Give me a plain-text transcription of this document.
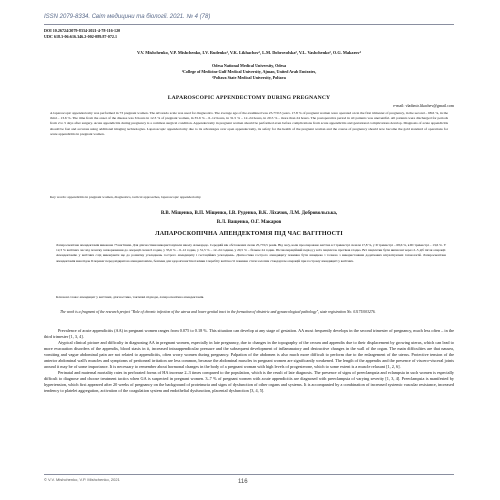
ISSN 2079-8334. Світ медицини та біології. 2021. № 4 (78)
DOI 10.26724/2079-8334-2021-4-78-116-120
UDC 618.3-06:616.346.2-002-089.87-072.1
V.V. Mishchenko, V.P. Mishchenko, I.V. Rudenko¹, V.K. Likhachov², L.M. Dobrovolska², V.L. Vashchenko², O.G. Makarov²
Odesa National Medical University, Odesa
¹College of Medicine Gulf Medical University, Ajman, United Arab Emirates,
²Poltava State Medical University, Poltava
LAPAROSCOPIC APPENDECTOMY DURING PREGNANCY
e-mail: vladimir.likachev@gmail.com
A laparoscopic appendectomy was performed in 73 pregnant women. The Alvarado scale was used for diagnostics. The average age of the examined was 25.7±0.5 years. 17.8 % of pregnant women were operated on in the first trimester of pregnancy, in the second – 68.6 %, in the third – 13.6 %. The time from the onset of the disease was 6 hours in 12.3 % of pregnant women, in 35.6 % – 6–12 hours, in 31.5 % – 12–24 hours, in 20.5 % – more than 24 hours. The postoperative period in all patients was uneventful. All patients were discharged for periods from 2 to 5 days after surgery. Acute appendicitis during pregnancy is a common surgical condition. Appendectomy in pregnant women should be performed even before complications from acute appendicitis and gestational complications develop. Diagnosis of acute appendicitis should be fast and accurate using additional imaging technologies. Laparoscopic appendectomy due to its advantages over open appendectomy, its safety for the health of the pregnant woman and the course of pregnancy should now become the gold standard of operations for acute appendicitis in pregnant women.
Key words: appendicitis in pregnant women, diagnostics, tactical approaches, laparoscopic appendectomy.
В.В. Міщенко, В.П. Міщенко, І.В. Руденко, В.К. Ліхачов, Л.М. Добровольська,
В.Л. Ващенко, О.Г. Макаров
ЛАПАРОСКОПІЧНА АПЕНДЕКТОМІЯ ПІД ЧАС ВАГІТНОСТІ
Лапароскопічна апендектомія виконана 73 вагітним. Для діагностики використовували шкалу Альварадо. Середній вік обстежених склав 25,7±0,5 років. Від часу, коли прооперовано вагітна в I триместрі склали 17,8 %, у II триместрі – 68,6 %, в III триместрі – 13,6 %. У 12,3 % вагітних час від початку захворювання до операції склав 6 годин, у 35,6 % – 6–12 годин, у 31,5 % – 12–24 години, у 20,5 % – більше 24 годин. Післяопераційний період у всіх пацієнток протікав гладко. Всі пацієнтки були виписані через 2–5 діб після операції. Апендектомію у вагітних слід виконувати ще до розвитку ускладнень гострого апендициту і гестаційних ускладнень. Діагностика гострого апендициту повинна бути швидкою і точною з використанням додаткових візуалізуючих технологій. Лапароскопічна апендектомія внаслідок її переваг перед відкритою апендектомією, безпеки для здоров'я вагітної жінки і перебігу вагітності повинна стати золотим стандартом операцій при гострому апендициті у вагітних.
Ключові слова: апендицит у вагітних, діагностика, тактичні підходи, лапароскопічна апендектомія.
The work is a fragment of the research project "Role of chronic infection of the uterus and lower genital tract in the formation of obstetric and gynaecological pathology", state registration No. 0117U003276.

Prevalence of acute appendicitis (AA) in pregnant women ranges from 0.075 to 0.18 %. This situation can develop at any stage of gestation. AA most frequently develops in the second trimester of pregnancy, much less often – in the third trimester [1, 3, 4].

Atypical clinical picture and difficulty in diagnosing AA in pregnant women, especially in late pregnancy, due to changes in the topography of the cecum and appendix due to their displacement by growing uterus, which can lead to more evacuation disorders of the appendix, blood stasis in it, increased intraappendicular pressure and the subsequent development of inflammatory and destructive changes in the wall of the organ. The main difficulties are that nausea, vomiting and vague abdominal pain are not related to appendicitis, often worry women during pregnancy. Palpation of the abdomen is also much more difficult to perform due to the enlargement of the uterus. Protective tension of the anterior abdominal wall's muscles and symptoms of peritoneal irritation are less common, because the abdominal muscles in pregnant women are significantly weakened. The length of the appendix and the presence of viscero-visceral joints around it may be of some importance. It is necessary to remember about hormonal changes in the body of a pregnant woman with high levels of progesterone, which to some extent is a muscle relaxant [1, 2, 6].

Perinatal and maternal mortality rates in perforated forms of HA increase 2–3 times compared to the population, which is the result of late diagnosis. The presence of signs of preeclampsia and eclampsia in such women is especially difficult to diagnose and choose treatment tactics when GA is suspected in pregnant women. 3–7 % of pregnant women with acute appendicitis are diagnosed with preeclampsia of varying severity [1, 3, 4]. Preeclampsia is manifested by hypertension, which first appeared after 20 weeks of pregnancy on the background of proteinuria and signs of dysfunction of other organs and systems. It is accompanied by a combination of increased systemic vascular resistance, increased tendency to platelet aggregation, activation of the coagulation system and endothelial dysfunction, placental dysfunction [3, 4, 5].

© V.V. Mishchenko, V.P. Mishchenko, 2021	116
